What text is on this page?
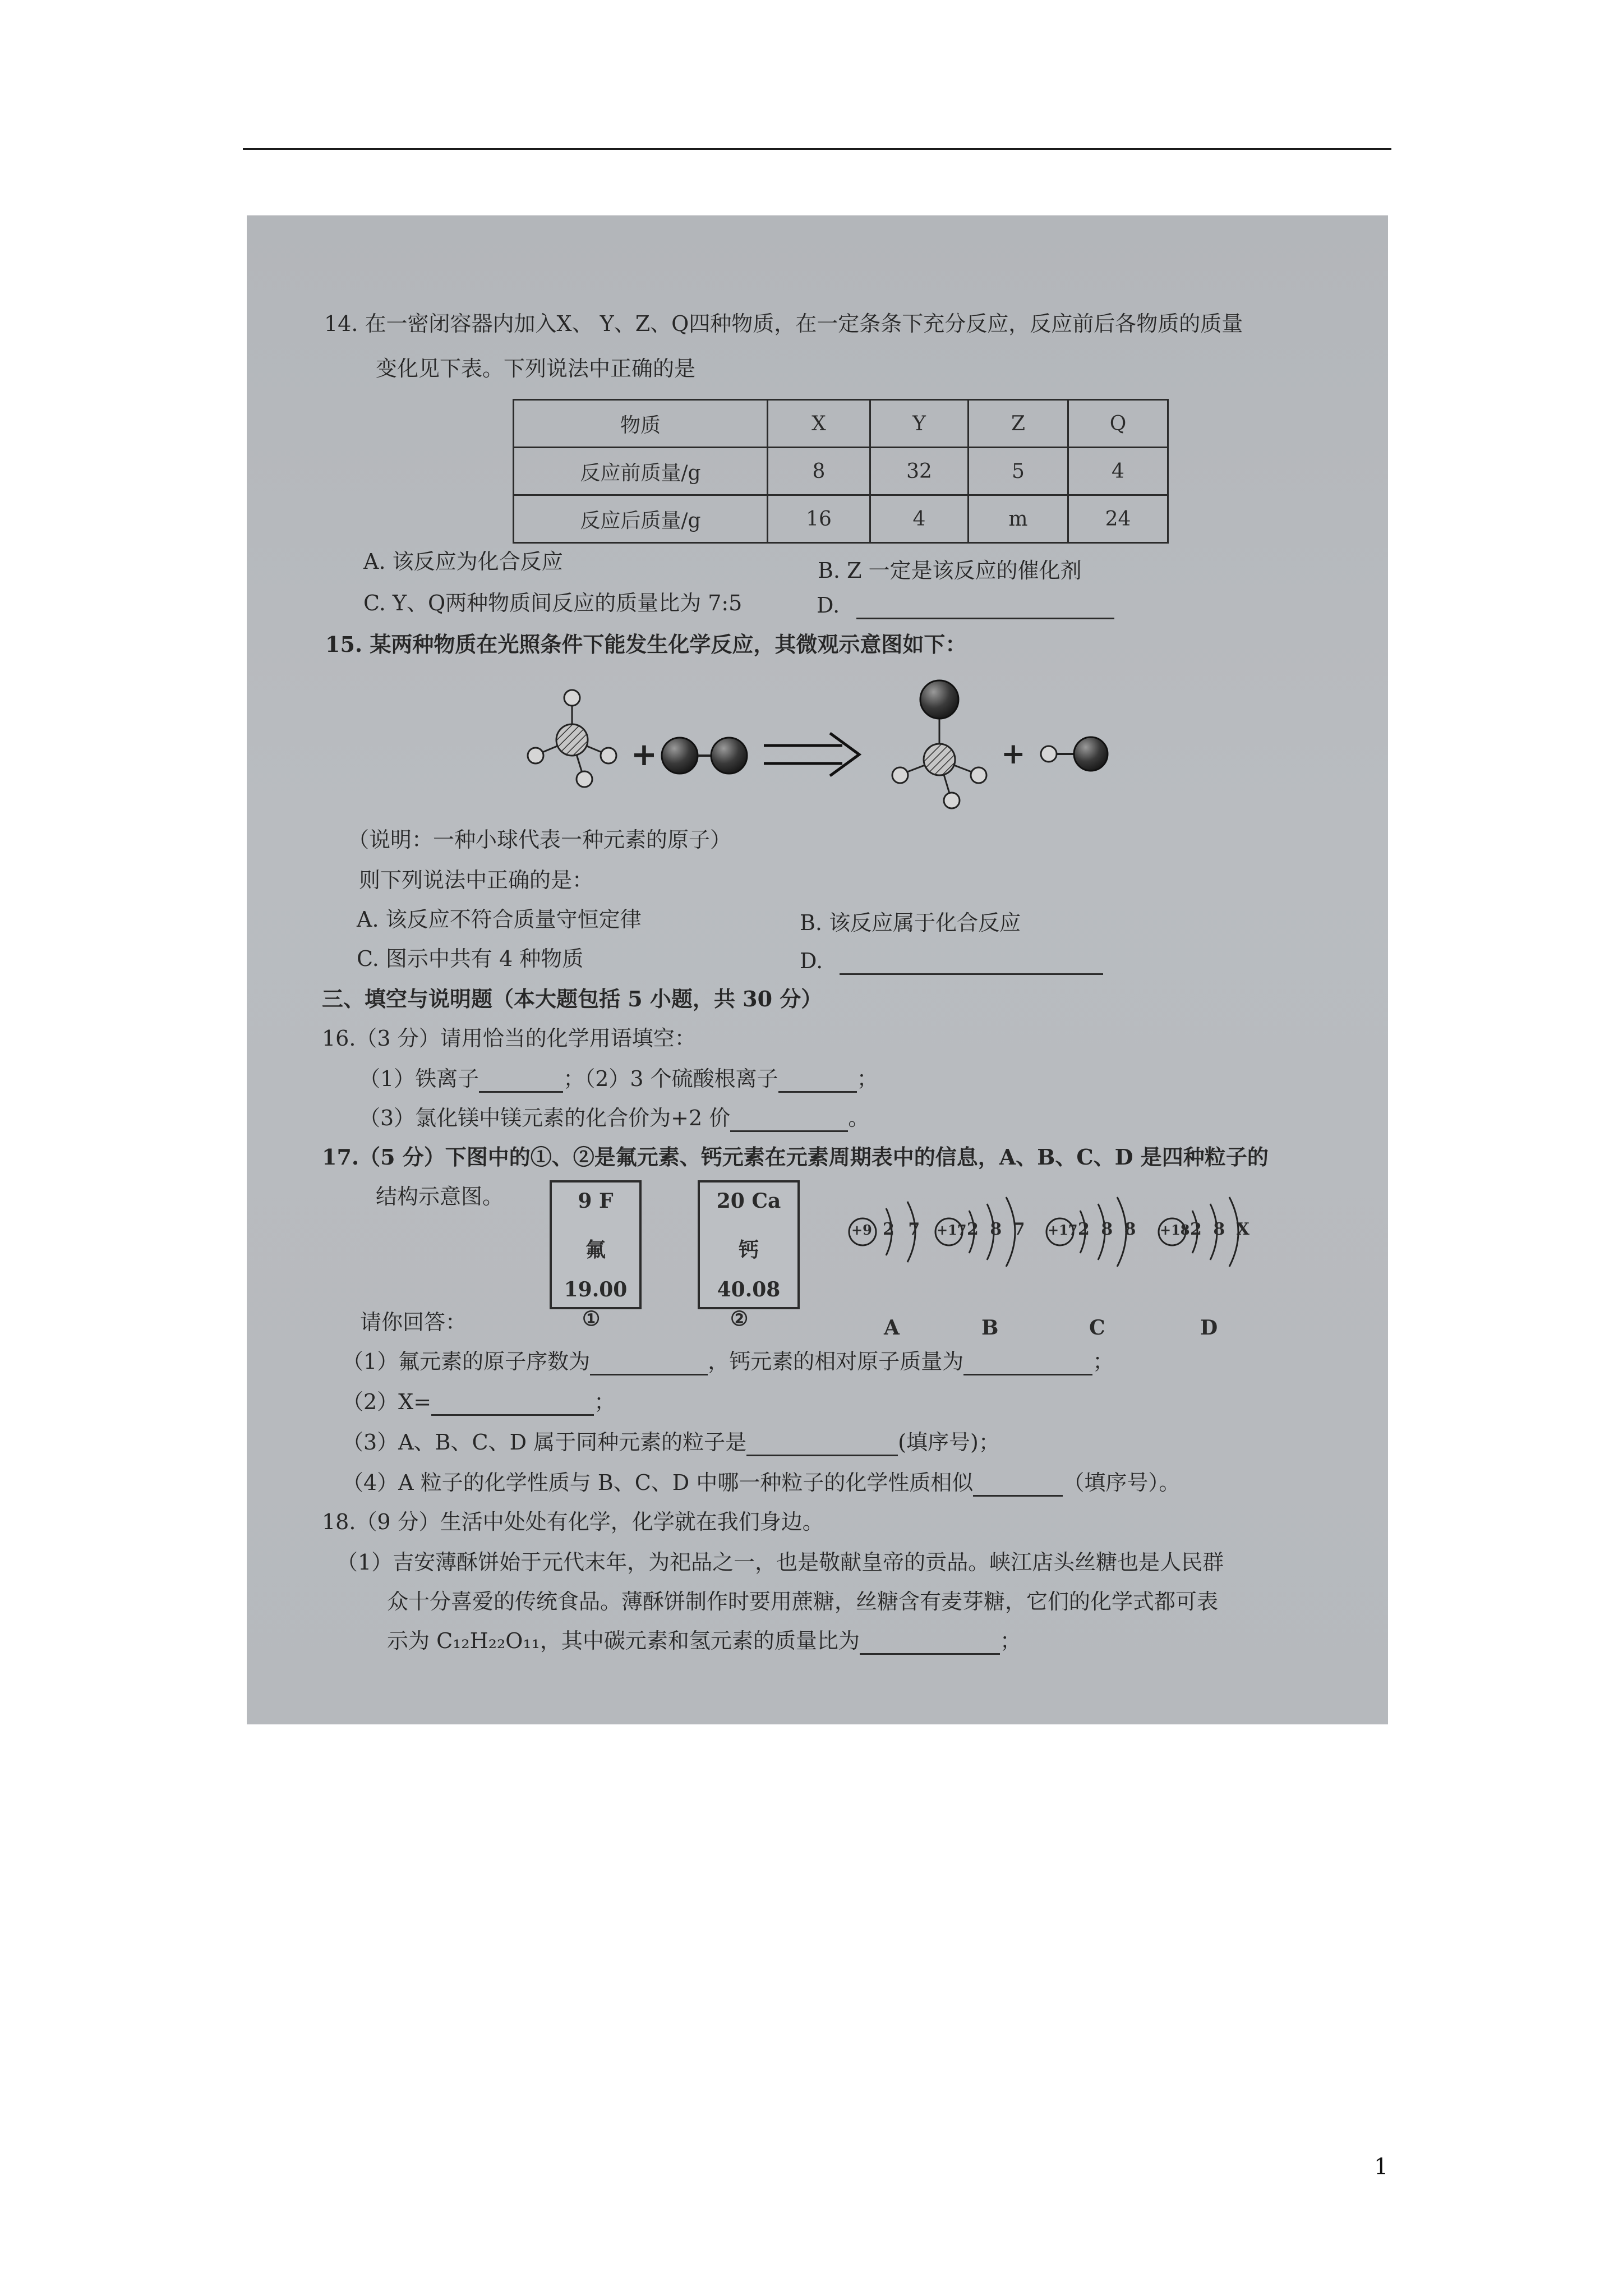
14. 在一密闭容器内加入X、 Y、Z、Q四种物质，在一定条条下充分反应，反应前后各物质的质量
变化见下表。下列说法中正确的是
物质	X	Y	Z	Q
反应前质量/g	8	32	5	4
反应后质量/g	16	4	m	24
A. 该反应为化合反应	B. Z 一定是该反应的催化剂
C. Y、Q两种物质间反应的质量比为 7:5	D.
15. 某两种物质在光照条件下能发生化学反应，其微观示意图如下：
+	+
（说明：一种小球代表一种元素的原子）
则下列说法中正确的是：
A. 该反应不符合质量守恒定律	B. 该反应属于化合反应
C. 图示中共有 4 种物质	D.
三、填空与说明题（本大题包括 5 小题，共 30 分）
16.（3 分）请用恰当的化学用语填空：
（1）铁离子	；（2）3 个硫酸根离子	；
（3）氯化镁中镁元素的化合价为+2 价	。
17.（5 分）下图中的①、②是氟元素、钙元素在元素周期表中的信息，A、B、C、D 是四种粒子的
结构示意图。	9 F
氟
19.00
①
20 Ca
钙
40.08
②
+9 2 7 +17 2 8 7 +17 2 8 8 +18 2 8 X
A	B	C	D
请你回答：
（1）氟元素的原子序数为	，钙元素的相对原子质量为	；
（2）X=	；
（3）A、B、C、D 属于同种元素的粒子是	(填序号)；
（4）A 粒子的化学性质与 B、C、D 中哪一种粒子的化学性质相似	（填序号）。
18.（9 分）生活中处处有化学，化学就在我们身边。
（1）吉安薄酥饼始于元代末年，为祀品之一，也是敬献皇帝的贡品。峡江店头丝糖也是人民群
众十分喜爱的传统食品。薄酥饼制作时要用蔗糖，丝糖含有麦芽糖，它们的化学式都可表
示为 C₁₂H₂₂O₁₁，其中碳元素和氢元素的质量比为	；
1
